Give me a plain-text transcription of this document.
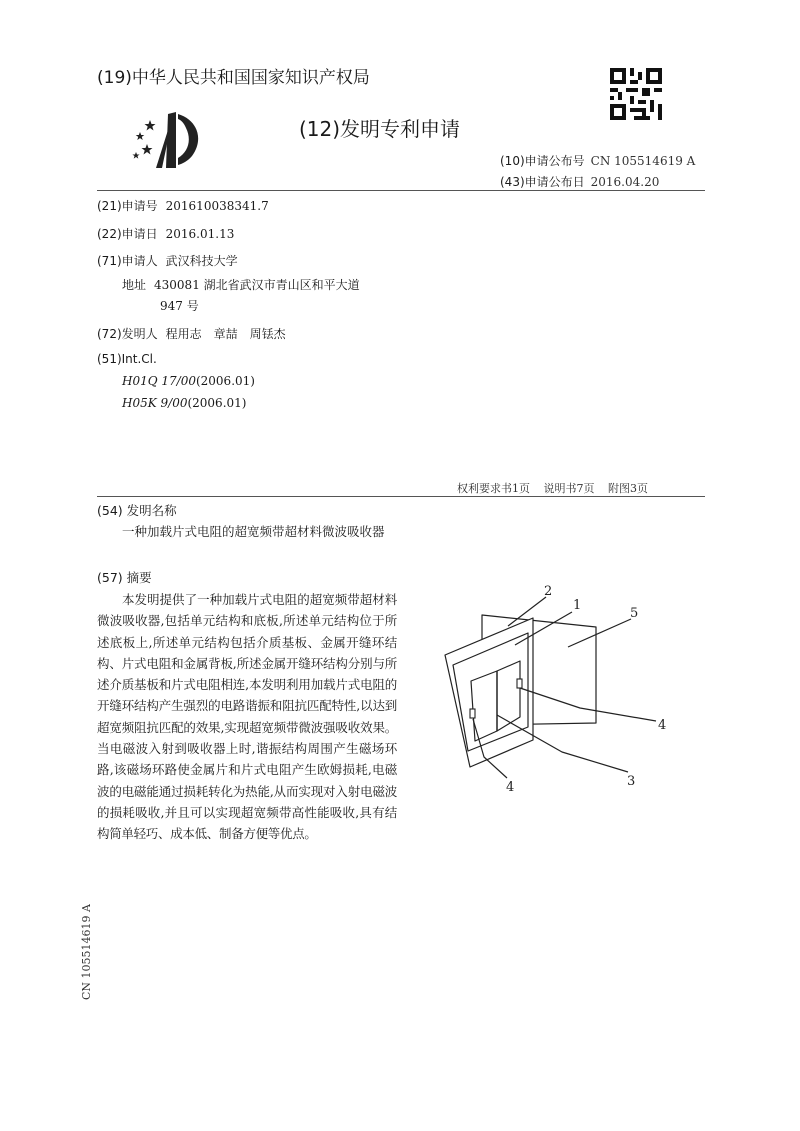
(19)中华人民共和国国家知识产权局
(12)发明专利申请
(10)申请公布号 CN 105514619 A
(43)申请公布日 2016.04.20
(21)申请号 201610038341.7
(22)申请日 2016.01.13
(71)申请人 武汉科技大学
地址 430081 湖北省武汉市青山区和平大道
947 号
(72)发明人 程用志　章喆　周铥杰
(51)Int.Cl.
H01Q 17/00(2006.01)
H05K 9/00(2006.01)
权利要求书1页 说明书7页 附图3页
(54) 发明名称
一种加载片式电阻的超宽频带超材料微波吸收器
(57) 摘要
本发明提供了一种加载片式电阻的超宽频带超材料微波吸收器,包括单元结构和底板,所述单元结构位于所述底板上,所述单元结构包括介质基板、金属开缝环结构、片式电阻和金属背板,所述金属开缝环结构分别与所述介质基板和片式电阻相连,本发明利用加载片式电阻的开缝环结构产生强烈的电路谐振和阻抗匹配特性,以达到超宽频阻抗匹配的效果,实现超宽频带微波强吸收效果。当电磁波入射到吸收器上时,谐振结构周围产生磁场环路,该磁场环路使金属片和片式电阻产生欧姆损耗,电磁波的电磁能通过损耗转化为热能,从而实现对入射电磁波的损耗吸收,并且可以实现超宽频带高性能吸收,具有结构简单轻巧、成本低、制备方便等优点。
2
1
5
4
3
4
CN 105514619 A
